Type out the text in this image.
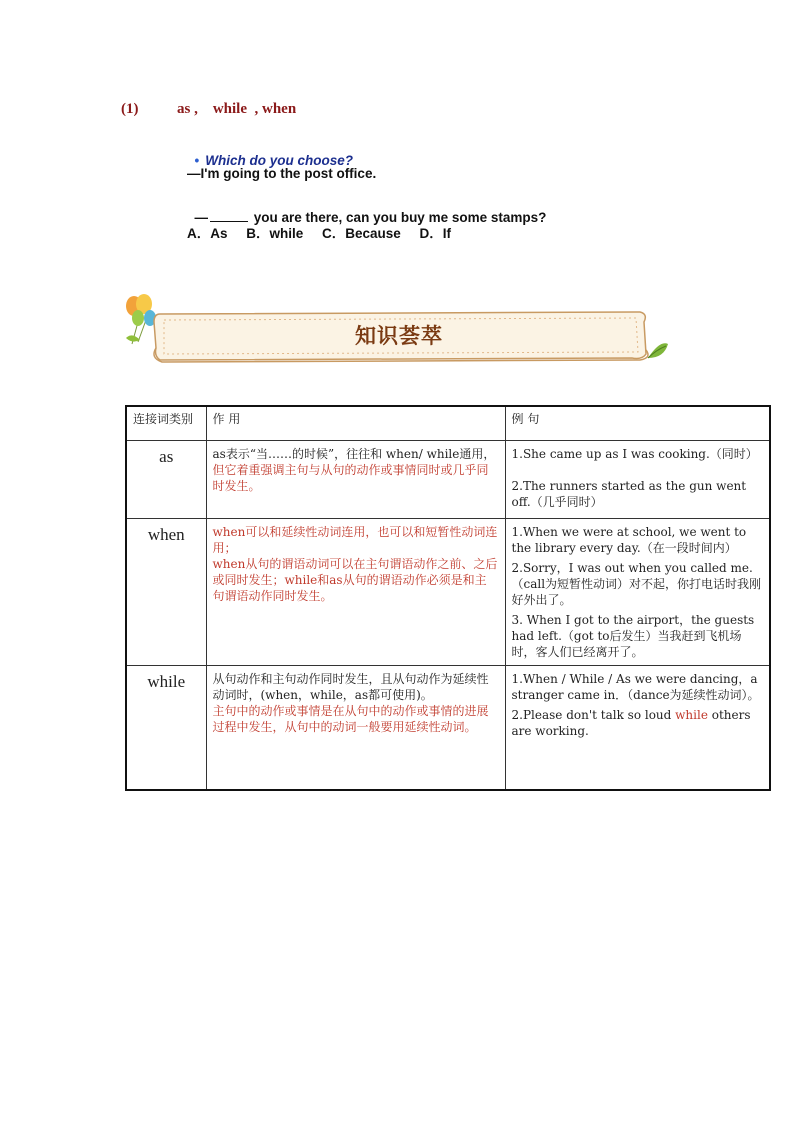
(1)	as ,    while  , when

• Which do you choose?

—I'm going to the post office.

—	you are there, can you buy me some stamps?

A．As     B．while     C．Because     D．If
知识荟萃
连接词类别	作 用	例 句
as	as表示“当……的时候”，往往和 when/ while通用，但它着重强调主句与从句的动作或事情同时或几乎同时发生。	1.She came up as I was cooking.（同时）
2.The runners started as the gun went off.（几乎同时）

when	when可以和延续性动词连用，也可以和短暂性动词连用；
when从句的谓语动词可以在主句谓语动作之前、之后或同时发生；while和as从句的谓语动作必须是和主句谓语动作同时发生。	1.When we were at school, we went to the library every day.（在一段时间内）
2.Sorry，I was out when you called me.（call为短暂性动词）对不起，你打电话时我刚好外出了。
3. When I got to the airport，the guests had left.（got to后发生）当我赶到飞机场时，客人们已经离开了。

while	从句动作和主句动作同时发生，且从句动作为延续性动词时，(when，while，as都可使用)。
主句中的动作或事情是在从句中的动作或事情的进展过程中发生，从句中的动词一般要用延续性动词。	1.When / While / As we were dancing，a stranger came in．（dance为延续性动词）。
2.Please don't talk so loud while others are working.
